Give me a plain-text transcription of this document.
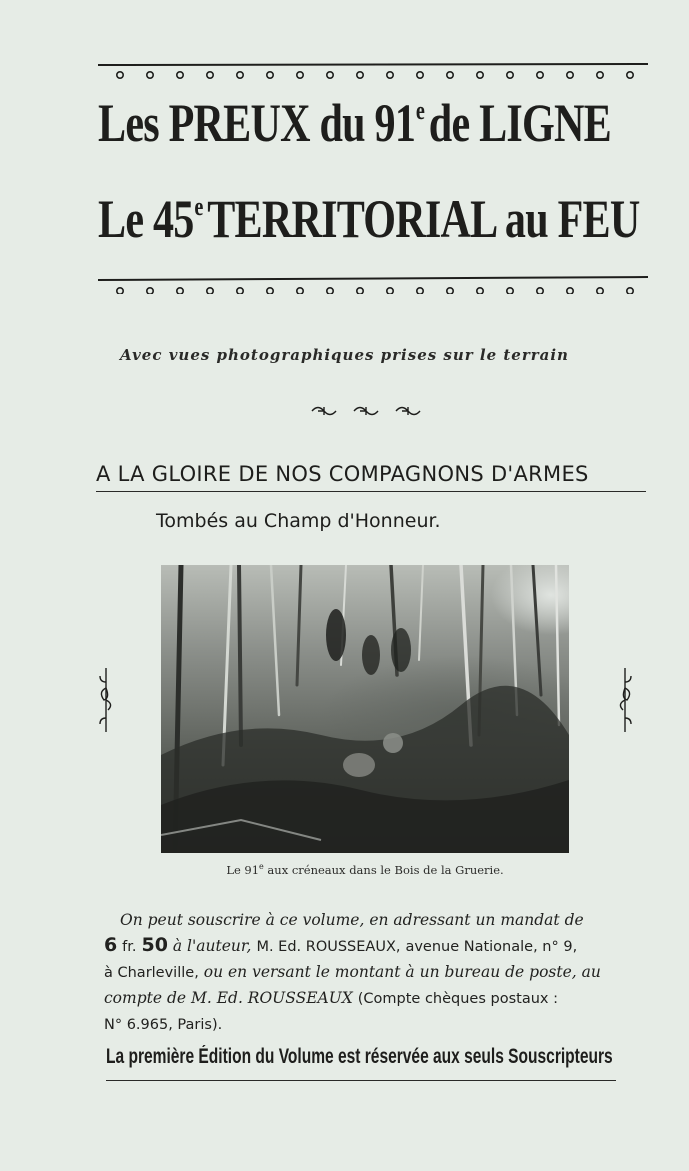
Les PREUX du 91ede LIGNE
Le 45eTERRITORIAL au FEU
Avec vues photographiques prises sur le terrain
A LA GLOIRE DE NOS COMPAGNONS D'ARMES
Tombés au Champ d'Honneur.
Le 91e aux créneaux dans le Bois de la Gruerie.
On peut souscrire à ce volume, en adressant un mandat de
6 fr. 50 à l'auteur, M. Ed. ROUSSEAUX, avenue Nationale, n° 9,
à Charleville, ou en versant le montant à un bureau de poste, au
compte de M. Ed. ROUSSEAUX (Compte chèques postaux :
N° 6.965, Paris).
La première Édition du Volume est réservée aux seuls Souscripteurs
